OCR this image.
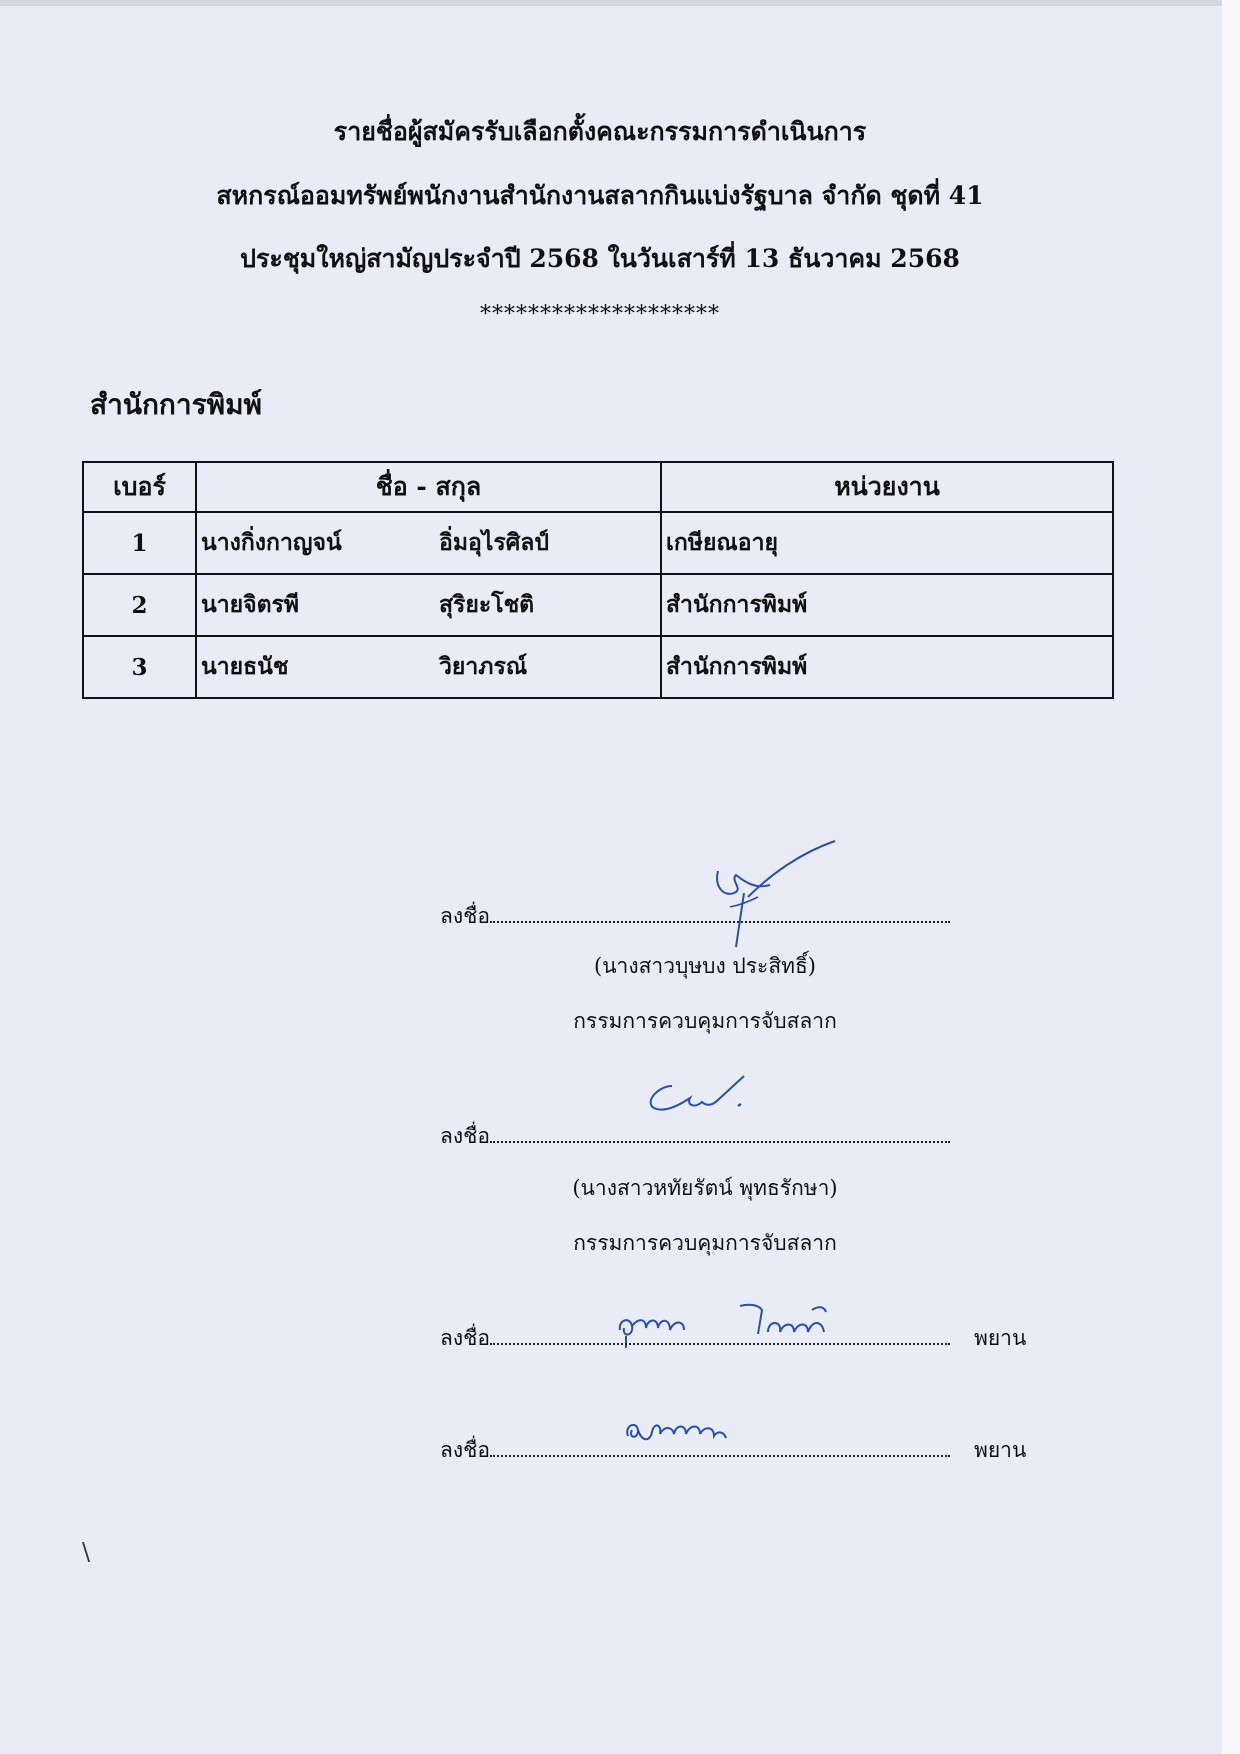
รายชื่อผู้สมัครรับเลือกตั้งคณะกรรมการดำเนินการ
สหกรณ์ออมทรัพย์พนักงานสำนักงานสลากกินแบ่งรัฐบาล จำกัด ชุดที่ 41
ประชุมใหญ่สามัญประจำปี 2568 ในวันเสาร์ที่ 13 ธันวาคม 2568
********************
สำนักการพิมพ์
เบอร์	ชื่อ - สกุล	หน่วยงาน
1	นางกิ่งกาญจน์ อิ่มอุไรศิลป์	เกษียณอายุ
2	นายจิตรพี สุริยะโชติ	สำนักการพิมพ์
3	นายธนัช วิยาภรณ์	สำนักการพิมพ์
ลงชื่อ
(นางสาวบุษบง ประสิทธิ์)
กรรมการควบคุมการจับสลาก
ลงชื่อ
(นางสาวหทัยรัตน์ พุทธรักษา)
กรรมการควบคุมการจับสลาก
ลงชื่อ	พยาน
ลงชื่อ	พยาน
\
